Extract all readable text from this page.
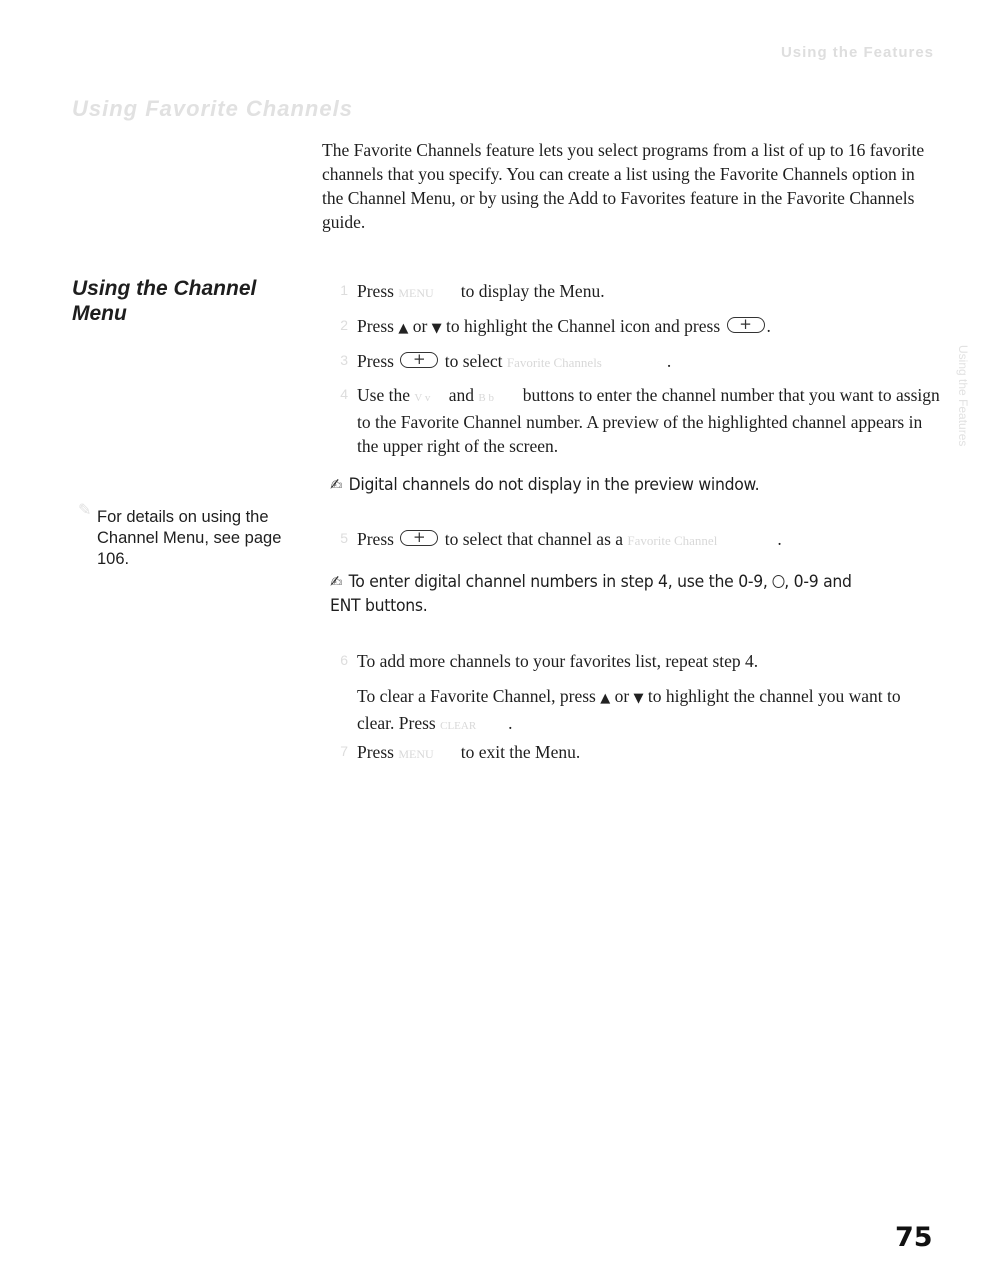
Using the Features
Using Favorite Channels

The Favorite Channels feature lets you select programs from a list of up to 16 favorite channels that you specify. You can create a list using the Favorite Channels option in the Channel Menu, or by using the Add to Favorites feature in the Favorite Channels guide.

Using the Channel Menu
✎ For details on using the Channel Menu, see page 106.
1 Press MENU to display the Menu.
2 Press ▲ or ▼ to highlight the Channel icon and press +	.
3 Press +	to select Favorite Channels	.
4 Use the V v and B b buttons to enter the channel number that you want to assign to the Favorite Channel number. A preview of the highlighted channel appears in the upper right of the screen.
✍ Digital channels do not display in the preview window.
5 Press +	to select that channel as a Favorite Channel	.
✍ To enter digital channel numbers in step 4, use the 0-9, , 0-9 and ENT buttons.
6 To add more channels to your favorites list, repeat step 4.
To clear a Favorite Channel, press ▲ or ▼ to highlight the channel you want to clear. Press CLEAR .
7 Press MENU to exit the Menu.
Using the Features
75
